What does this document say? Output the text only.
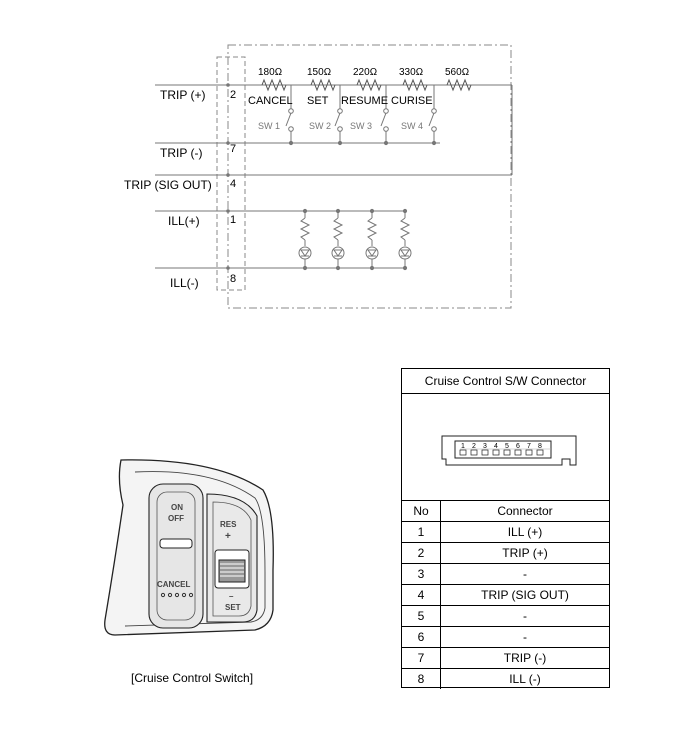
TRIP (+)
TRIP (-)
TRIP (SIG OUT)
ILL(+)
ILL(-)
2
7
4
1
8
180Ω 150Ω 220Ω 330Ω 560Ω
CANCEL SET RESUME CURISE
SW 1	SW 2 SW 3	SW 4
ON
OFF
RES
+
–
SET
CANCEL
[Cruise Control Switch]
Cruise Control S/W Connector
1 2 3 4 5 6 7 8
No	Connector
1	ILL (+)
2	TRIP (+)
3	-
4	TRIP (SIG OUT)
5	-
6	-
7	TRIP (-)
8	ILL (-)
